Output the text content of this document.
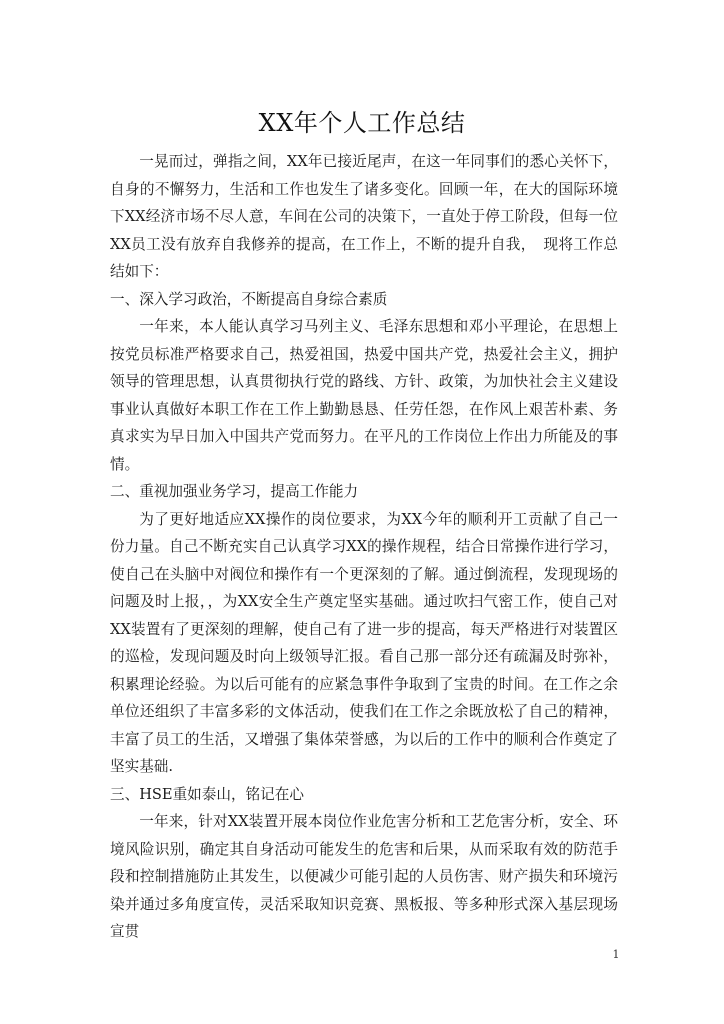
XX年个人工作总结

一晃而过，弹指之间，XX年已接近尾声，在这一年同事们的悉心关怀下，自身的不懈努力，生活和工作也发生了诸多变化。回顾一年，在大的国际环境下XX经济市场不尽人意，车间在公司的决策下，一直处于停工阶段，但每一位XX员工没有放弃自我修养的提高，在工作上，不断的提升自我，　现将工作总结如下：

一、深入学习政治，不断提高自身综合素质

一年来，本人能认真学习马列主义、毛泽东思想和邓小平理论，在思想上按党员标准严格要求自己，热爱祖国，热爱中国共产党，热爱社会主义，拥护领导的管理思想，认真贯彻执行党的路线、方针、政策，为加快社会主义建设事业认真做好本职工作在工作上勤勤恳恳、任劳任怨，在作风上艰苦朴素、务真求实为早日加入中国共产党而努力。在平凡的工作岗位上作出力所能及的事情。

二、重视加强业务学习，提高工作能力

为了更好地适应XX操作的岗位要求，为XX今年的顺利开工贡献了自己一份力量。自己不断充实自己认真学习XX的操作规程，结合日常操作进行学习，使自己在头脑中对阀位和操作有一个更深刻的了解。通过倒流程，发现现场的问题及时上报，，为XX安全生产奠定坚实基础。通过吹扫气密工作，使自己对XX装置有了更深刻的理解，使自己有了进一步的提高，每天严格进行对装置区的巡检，发现问题及时向上级领导汇报。看自己那一部分还有疏漏及时弥补，积累理论经验。为以后可能有的应紧急事件争取到了宝贵的时间。在工作之余单位还组织了丰富多彩的文体活动，使我们在工作之余既放松了自己的精神，丰富了员工的生活，又增强了集体荣誉感，为以后的工作中的顺利合作奠定了坚实基础.

三、HSE重如泰山，铭记在心

一年来，针对XX装置开展本岗位作业危害分析和工艺危害分析，安全、环境风险识别，确定其自身活动可能发生的危害和后果，从而采取有效的防范手段和控制措施防止其发生，以便减少可能引起的人员伤害、财产损失和环境污染并通过多角度宣传，灵活采取知识竞赛、黑板报、等多种形式深入基层现场宣贯

1
